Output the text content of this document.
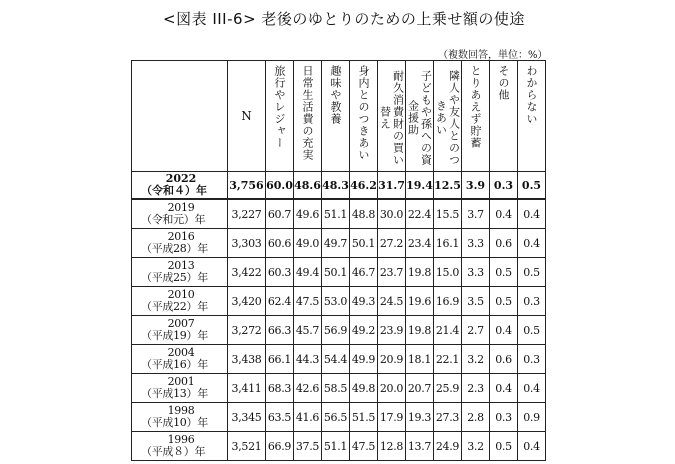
<図表 III-6> 老後のゆとりのための上乗せ額の使途
（複数回答，単位：%）
	N	旅行やレジャー	日常生活費の充実	趣味や教養	身内とのつきあい	耐久消費財の買い替え	子どもや孫への資金援助	隣人や友人とのつきあい	とりあえず貯蓄	その他	わからない

2022
（令和４）年	3,756	60.0	48.6	48.3	46.2	31.7	19.4	12.5	3.9	0.3	0.5

2019
（令和元）年	3,227	60.7	49.6	51.1	48.8	30.0	22.4	15.5	3.7	0.4	0.4

2016
（平成28）年	3,303	60.6	49.0	49.7	50.1	27.2	23.4	16.1	3.3	0.6	0.4

2013
（平成25）年	3,422	60.3	49.4	50.1	46.7	23.7	19.8	15.0	3.3	0.5	0.5

2010
（平成22）年	3,420	62.4	47.5	53.0	49.3	24.5	19.6	16.9	3.5	0.5	0.3

2007
（平成19）年	3,272	66.3	45.7	56.9	49.2	23.9	19.8	21.4	2.7	0.4	0.5

2004
（平成16）年	3,438	66.1	44.3	54.4	49.9	20.9	18.1	22.1	3.2	0.6	0.3

2001
（平成13）年	3,411	68.3	42.6	58.5	49.8	20.0	20.7	25.9	2.3	0.4	0.4

1998
（平成10）年	3,345	63.5	41.6	56.5	51.5	17.9	19.3	27.3	2.8	0.3	0.9

1996
（平成８）年	3,521	66.9	37.5	51.1	47.5	12.8	13.7	24.9	3.2	0.5	0.4
